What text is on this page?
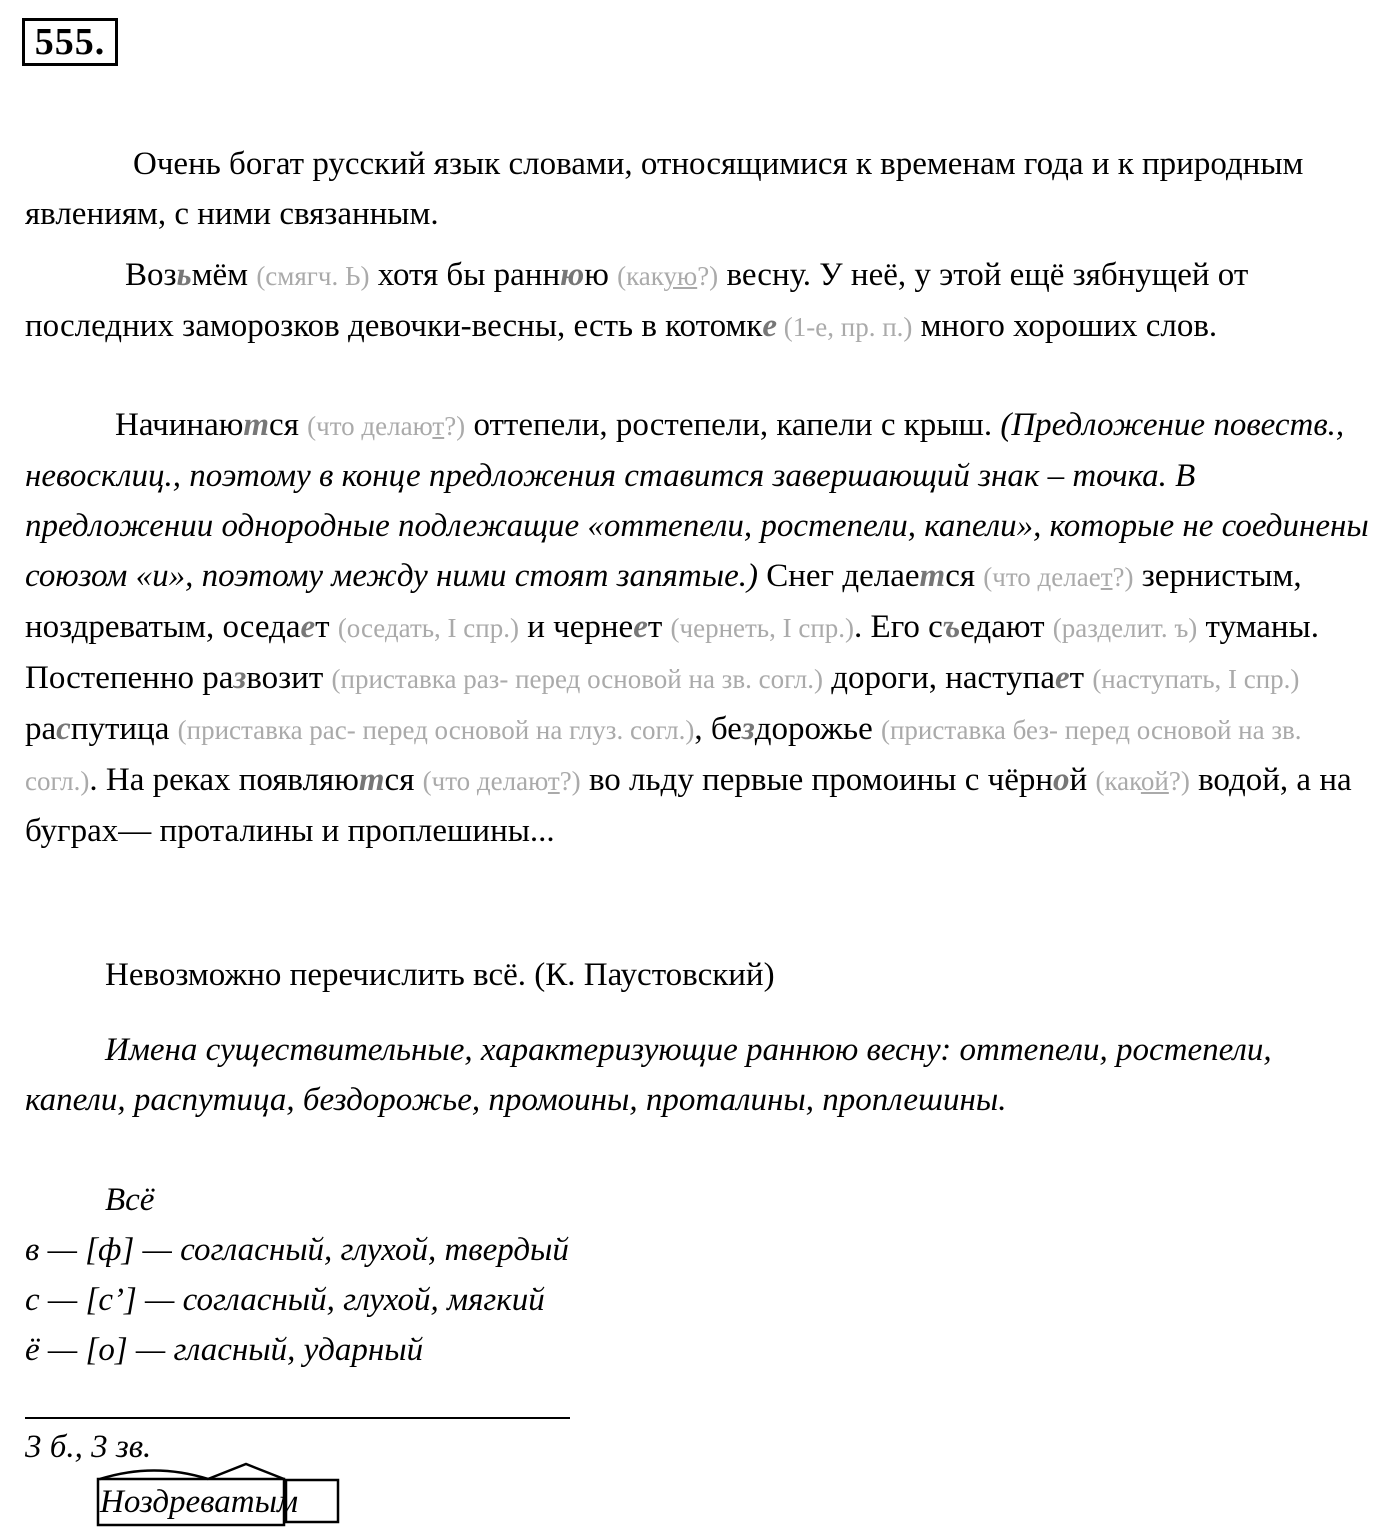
555.

Очень богат русский язык словами, относящимися к временам года и к природным явлениям, с ними связанным.

Возьмём (смягч. Ь) хотя бы раннюю (какую?) весну. У неё, у этой ещё зябнущей от последних заморозков девочки-весны, есть в котомке (1-е, пр. п.) много хороших слов.

Начинаются (что делают?) оттепели, ростепели, капели с крыш. (Предложение повеств., невосклиц., поэтому в конце предложения ставится завершающий знак – точка. В предложении однородные подлежащие «оттепели, ростепели, капели», которые не соединены союзом «и», поэтому между ними стоят запятые.) Снег делается (что делает?) зернистым, ноздреватым, оседает (оседать, I спр.) и чернеет (чернеть, I спр.). Его съедают (разделит. ъ) туманы. Постепенно развозит (приставка раз- перед основой на зв. согл.) дороги, наступает (наступать, I спр.) распутица (приставка рас- перед основой на глуз. согл.), бездорожье (приставка без- перед основой на зв. согл.). На реках появляются (что делают?) во льду первые промоины с чёрной (какой?) водой, а на буграх— проталины и проплешины...

Невозможно перечислить всё. (К. Паустовский)

Имена существительные, характеризующие раннюю весну: оттепели, ростепели, капели, распутица, бездорожье, промоины, проталины, проплешины.

Всё

в — [ф] — согласный, глухой, твердый

с — [с’] — согласный, глухой, мягкий

ё — [о] — гласный, ударный

3 б., 3 зв.

Ноздреватым
